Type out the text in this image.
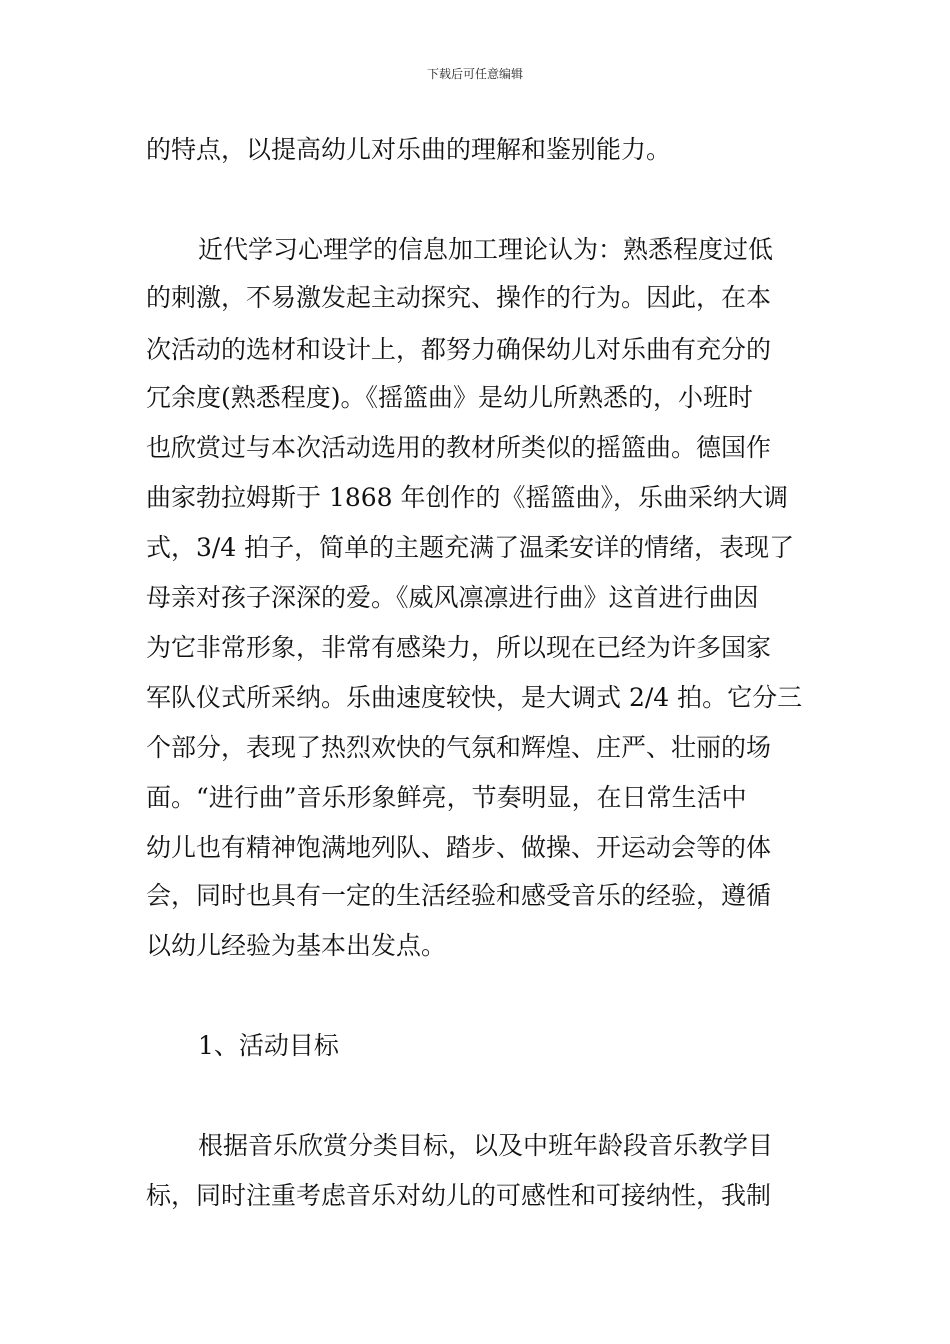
下载后可任意编辑
的特点，以提高幼儿对乐曲的理解和鉴别能力。
近代学习心理学的信息加工理论认为：熟悉程度过低
的刺激，不易激发起主动探究、操作的行为。因此，在本
次活动的选材和设计上，都努力确保幼儿对乐曲有充分的
冗余度(熟悉程度)。《摇篮曲》是幼儿所熟悉的，小班时
也欣赏过与本次活动选用的教材所类似的摇篮曲。德国作
曲家勃拉姆斯于 1868 年创作的《摇篮曲》，乐曲采纳大调
式，3/4 拍子，简单的主题充满了温柔安详的情绪，表现了
母亲对孩子深深的爱。《威风凛凛进行曲》这首进行曲因
为它非常形象，非常有感染力，所以现在已经为许多国家
军队仪式所采纳。乐曲速度较快，是大调式 2/4 拍。它分三
个部分，表现了热烈欢快的气氛和辉煌、庄严、壮丽的场
面。“进行曲”音乐形象鲜亮，节奏明显，在日常生活中
幼儿也有精神饱满地列队、踏步、做操、开运动会等的体
会，同时也具有一定的生活经验和感受音乐的经验，遵循
以幼儿经验为基本出发点。
1、活动目标
根据音乐欣赏分类目标，以及中班年龄段音乐教学目
标，同时注重考虑音乐对幼儿的可感性和可接纳性，我制
